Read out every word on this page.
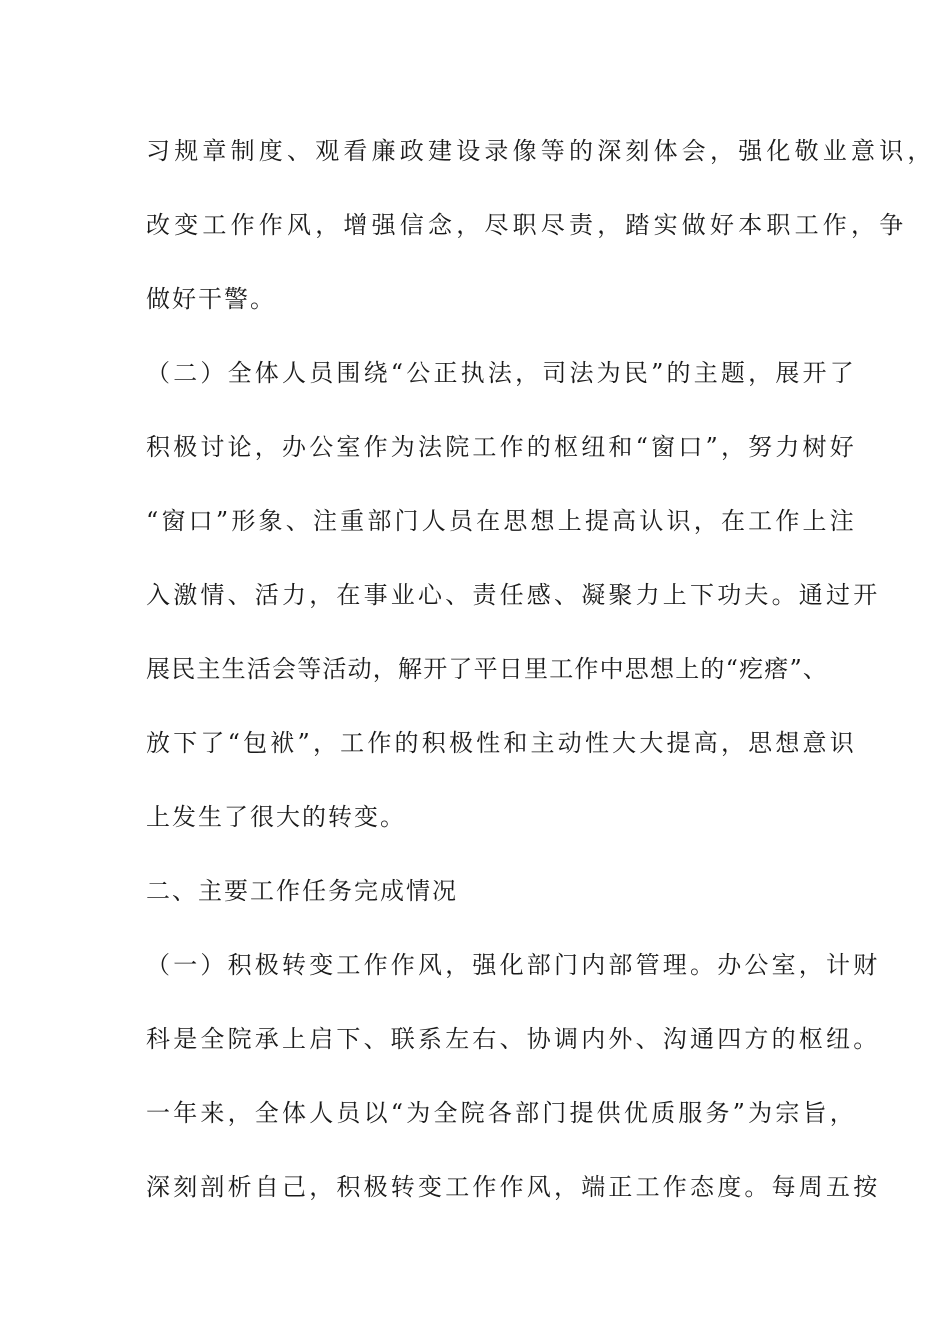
习规章制度、观看廉政建设录像等的深刻体会，强化敬业意识，
改变工作作风，增强信念，尽职尽责，踏实做好本职工作，争
做好干警。
（二）全体人员围绕“公正执法，司法为民”的主题，展开了
积极讨论，办公室作为法院工作的枢纽和“窗口”，努力树好
“窗口”形象、注重部门人员在思想上提高认识，在工作上注
入激情、活力，在事业心、责任感、凝聚力上下功夫。通过开
展民主生活会等活动，解开了平日里工作中思想上的“疙瘩”、
放下了“包袱”，工作的积极性和主动性大大提高，思想意识
上发生了很大的转变。
二、主要工作任务完成情况
（一）积极转变工作作风，强化部门内部管理。办公室，计财
科是全院承上启下、联系左右、协调内外、沟通四方的枢纽。
一年来，全体人员以“为全院各部门提供优质服务”为宗旨，
深刻剖析自己，积极转变工作作风，端正工作态度。每周五按
